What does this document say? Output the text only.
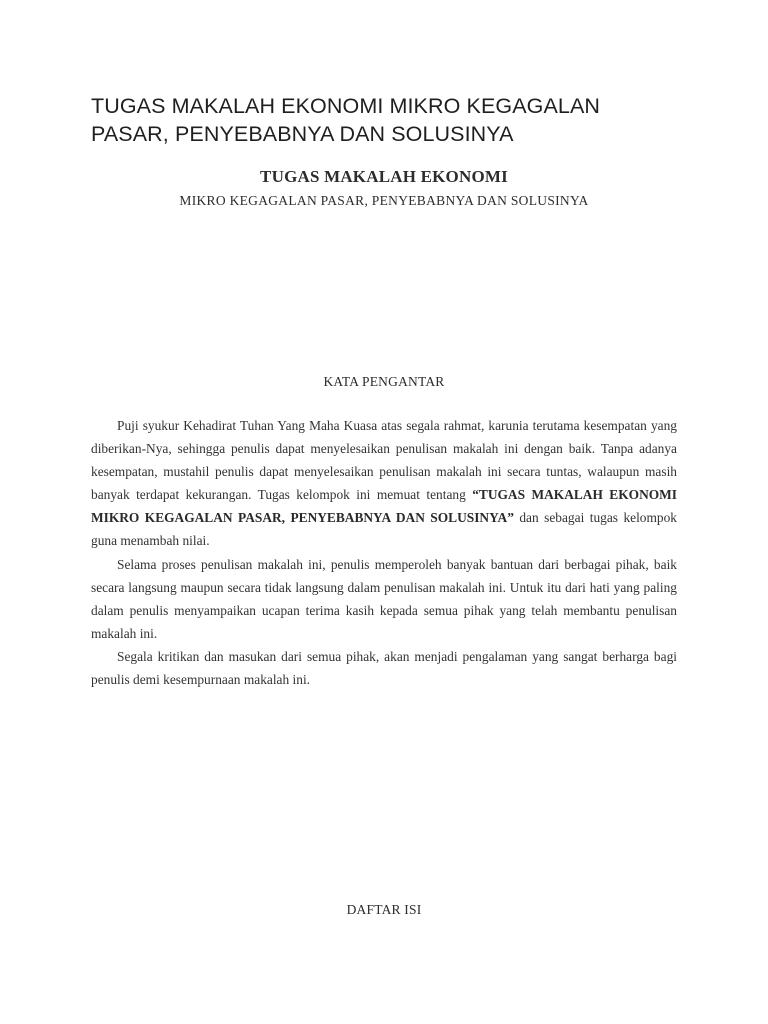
TUGAS MAKALAH EKONOMI MIKRO KEGAGALAN
PASAR, PENYEBABNYA DAN SOLUSINYA
TUGAS MAKALAH EKONOMI
MIKRO KEGAGALAN PASAR, PENYEBABNYA DAN SOLUSINYA
KATA PENGANTAR

Puji syukur Kehadirat Tuhan Yang Maha Kuasa atas segala rahmat, karunia terutama kesempatan yang diberikan-Nya, sehingga penulis dapat menyelesaikan penulisan makalah ini dengan baik. Tanpa adanya kesempatan, mustahil penulis dapat menyelesaikan penulisan makalah ini secara tuntas, walaupun masih banyak terdapat kekurangan. Tugas kelompok ini memuat tentang “TUGAS MAKALAH EKONOMI MIKRO KEGAGALAN PASAR, PENYEBABNYA DAN SOLUSINYA” dan sebagai tugas kelompok guna menambah nilai.

Selama proses penulisan makalah ini, penulis memperoleh banyak bantuan dari berbagai pihak, baik secara langsung maupun secara tidak langsung dalam penulisan makalah ini. Untuk itu dari hati yang paling dalam penulis menyampaikan ucapan terima kasih kepada semua pihak yang telah membantu penulisan makalah ini.

Segala kritikan dan masukan dari semua pihak, akan menjadi pengalaman yang sangat berharga bagi penulis demi kesempurnaan makalah ini.

DAFTAR ISI
